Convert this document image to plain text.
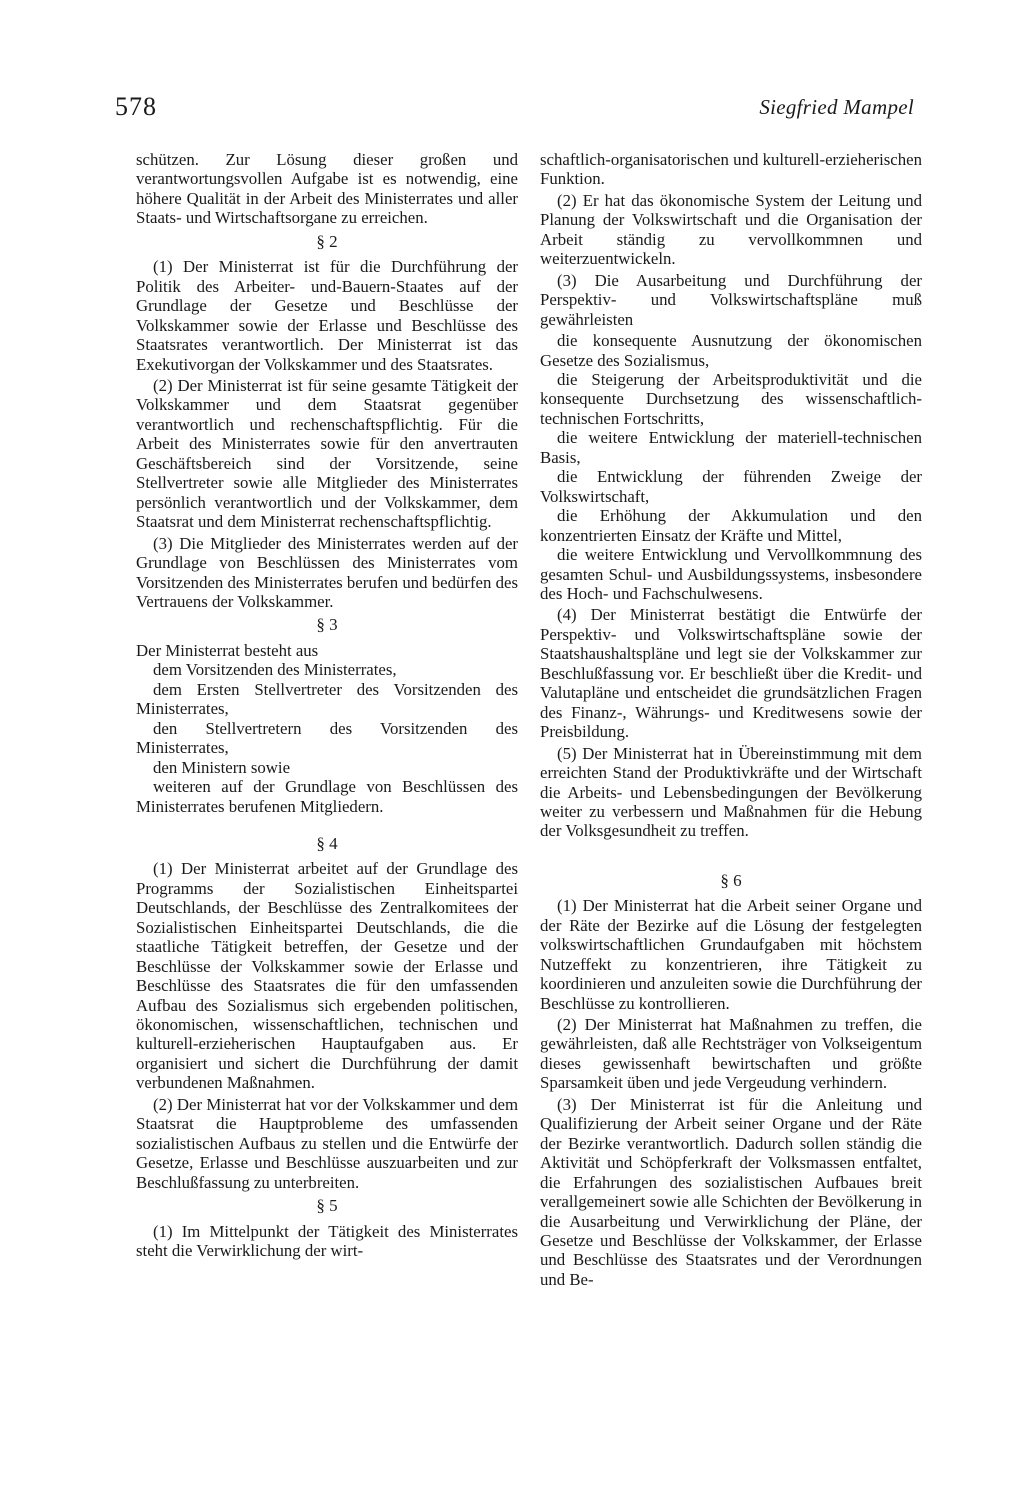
578	Siegfried Mampel

schützen. Zur Lösung dieser großen und verantwortungsvollen Aufgabe ist es notwendig, eine höhere Qualität in der Arbeit des Ministerrates und aller Staats- und Wirtschaftsorgane zu erreichen.

§ 2

(1) Der Ministerrat ist für die Durchführung der Politik des Arbeiter- und-Bauern-Staates auf der Grundlage der Gesetze und Beschlüsse der Volkskammer sowie der Erlasse und Beschlüsse des Staatsrates verantwortlich. Der Ministerrat ist das Exekutivorgan der Volkskammer und des Staatsrates.

(2) Der Ministerrat ist für seine gesamte Tätigkeit der Volkskammer und dem Staatsrat gegenüber verantwortlich und rechenschaftspflichtig. Für die Arbeit des Ministerrates sowie für den anvertrauten Geschäftsbereich sind der Vorsitzende, seine Stellvertreter sowie alle Mitglieder des Ministerrates persönlich verantwortlich und der Volkskammer, dem Staatsrat und dem Ministerrat rechenschaftspflichtig.

(3) Die Mitglieder des Ministerrates werden auf der Grundlage von Beschlüssen des Ministerrates vom Vorsitzenden des Ministerrates berufen und bedürfen des Vertrauens der Volkskammer.

§ 3

Der Ministerrat besteht aus

dem Vorsitzenden des Ministerrates,

dem Ersten Stellvertreter des Vorsitzenden des Ministerrates,

den Stellvertretern des Vorsitzenden des Ministerrates,

den Ministern sowie

weiteren auf der Grundlage von Beschlüssen des Ministerrates berufenen Mitgliedern.

§ 4

(1) Der Ministerrat arbeitet auf der Grundlage des Programms der Sozialistischen Einheitspartei Deutschlands, der Beschlüsse des Zentralkomitees der Sozialistischen Einheitspartei Deutschlands, die die staatliche Tätigkeit betreffen, der Gesetze und der Beschlüsse der Volkskammer sowie der Erlasse und Beschlüsse des Staatsrates die für den umfassenden Aufbau des Sozialismus sich ergebenden politischen, ökonomischen, wissenschaftlichen, technischen und kulturell-erzieherischen Hauptaufgaben aus. Er organisiert und sichert die Durchführung der damit verbundenen Maßnahmen.

(2) Der Ministerrat hat vor der Volkskammer und dem Staatsrat die Hauptprobleme des umfassenden sozialistischen Aufbaus zu stellen und die Entwürfe der Gesetze, Erlasse und Beschlüsse auszuarbeiten und zur Beschlußfassung zu unterbreiten.

§ 5

(1) Im Mittelpunkt der Tätigkeit des Ministerrates steht die Verwirklichung der wirt-

schaftlich-organisatorischen und kulturell-erzieherischen Funktion.

(2) Er hat das ökonomische System der Leitung und Planung der Volkswirtschaft und die Organisation der Arbeit ständig zu vervollkommnen und weiterzuentwickeln.

(3) Die Ausarbeitung und Durchführung der Perspektiv- und Volkswirtschaftspläne muß gewährleisten

die konsequente Ausnutzung der ökonomischen Gesetze des Sozialismus,

die Steigerung der Arbeitsproduktivität und die konsequente Durchsetzung des wissenschaftlich-technischen Fortschritts,

die weitere Entwicklung der materiell-technischen Basis,

die Entwicklung der führenden Zweige der Volkswirtschaft,

die Erhöhung der Akkumulation und den konzentrierten Einsatz der Kräfte und Mittel,

die weitere Entwicklung und Vervollkommnung des gesamten Schul- und Ausbildungssystems, insbesondere des Hoch- und Fachschulwesens.

(4) Der Ministerrat bestätigt die Entwürfe der Perspektiv- und Volkswirtschaftspläne sowie der Staatshaushaltspläne und legt sie der Volkskammer zur Beschlußfassung vor. Er beschließt über die Kredit- und Valutapläne und entscheidet die grundsätzlichen Fragen des Finanz-, Währungs- und Kreditwesens sowie der Preisbildung.

(5) Der Ministerrat hat in Übereinstimmung mit dem erreichten Stand der Produktivkräfte und der Wirtschaft die Arbeits- und Lebensbedingungen der Bevölkerung weiter zu verbessern und Maßnahmen für die Hebung der Volksgesundheit zu treffen.

§ 6

(1) Der Ministerrat hat die Arbeit seiner Organe und der Räte der Bezirke auf die Lösung der festgelegten volkswirtschaftlichen Grundaufgaben mit höchstem Nutzeffekt zu konzentrieren, ihre Tätigkeit zu koordinieren und anzuleiten sowie die Durchführung der Beschlüsse zu kontrollieren.

(2) Der Ministerrat hat Maßnahmen zu treffen, die gewährleisten, daß alle Rechtsträger von Volkseigentum dieses gewissenhaft bewirtschaften und größte Sparsamkeit üben und jede Vergeudung verhindern.

(3) Der Ministerrat ist für die Anleitung und Qualifizierung der Arbeit seiner Organe und der Räte der Bezirke verantwortlich. Dadurch sollen ständig die Aktivität und Schöpferkraft der Volksmassen entfaltet, die Erfahrungen des sozialistischen Aufbaues breit verallgemeinert sowie alle Schichten der Bevölkerung in die Ausarbeitung und Verwirklichung der Pläne, der Gesetze und Beschlüsse der Volkskammer, der Erlasse und Beschlüsse des Staatsrates und der Verordnungen und Be-
